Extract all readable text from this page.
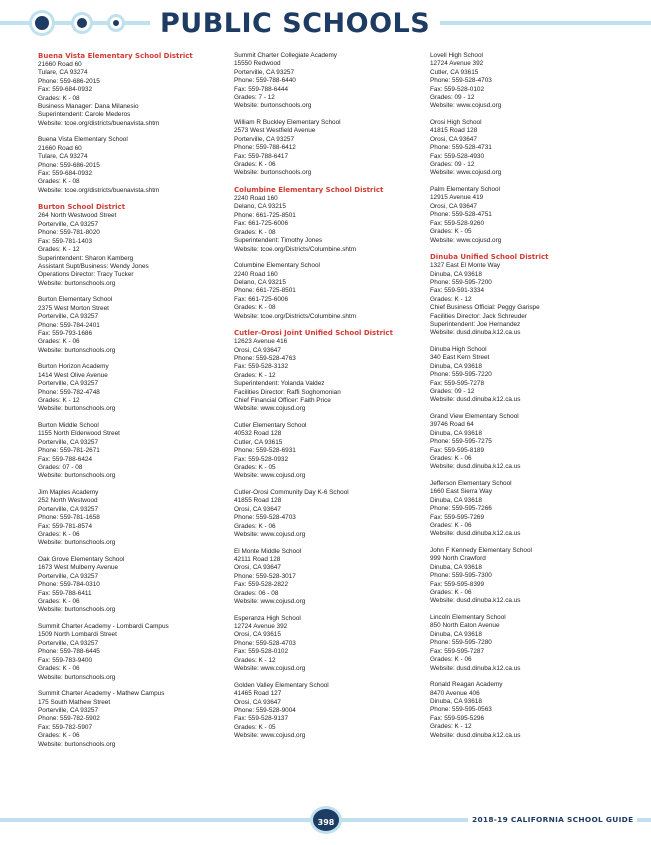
PUBLIC SCHOOLS
Buena Vista Elementary School District
21660 Road 60
Tulare, CA 93274
Phone: 559-686-2015
Fax: 559-684-0932
Grades: K - 08
Business Manager: Dana Milanesio
Superintendent: Carole Mederos
Website: tcoe.org/districts/buenavista.shtm
Buena Vista Elementary School
21660 Road 60
Tulare, CA 93274
Phone: 559-686-2015
Fax: 559-684-0932
Grades: K - 08
Website: tcoe.org/districts/buenavista.shtm
Burton School District
264 North Westwood Street
Porterville, CA 93257
Phone: 559-781-8020
Fax: 559-781-1403
Grades: K - 12
Superintendent: Sharon Kamberg
Assistant Supt/Business: Wendy Jones
Operations Director: Tracy Tucker
Website: burtonschools.org
Burton Elementary School
2375 West Morton Street
Porterville, CA 93257
Phone: 559-784-2401
Fax: 559-793-1686
Grades: K - 06
Website: burtonschools.org
Burton Horizon Academy
1414 West Olive Avenue
Porterville, CA 93257
Phone: 559-782-4748
Grades: K - 12
Website: burtonschools.org
Burton Middle School
1155 North Elderwood Street
Porterville, CA 93257
Phone: 559-781-2671
Fax: 559-788-6424
Grades: 07 - 08
Website: burtonschools.org
Jim Maples Academy
252 North Westwood
Porterville, CA 93257
Phone: 559-781-1658
Fax: 559-781-8574
Grades: K - 06
Website: burtonschools.org
Oak Grove Elementary School
1673 West Mulberry Avenue
Porterville, CA 93257
Phone: 559-784-0310
Fax: 559-788-6411
Grades: K - 06
Website: burtonschools.org
Summit Charter Academy - Lombardi Campus
1509 North Lombardi Street
Porterville, CA 93257
Phone: 559-788-6445
Fax: 559-783-9400
Grades: K - 06
Website: burtonschools.org
Summit Charter Academy - Mathew Campus
175 South Mathew Street
Porterville, CA 93257
Phone: 559-782-5902
Fax: 559-782-5907
Grades: K - 06
Website: burtonschools.org
Summit Charter Collegiate Academy
15550 Redwood
Porterville, CA 93257
Phone: 559-788-6440
Fax: 559-788-6444
Grades: 7 - 12
Website: burtonschools.org
William R Buckley Elementary School
2573 West Westfield Avenue
Porterville, CA 93257
Phone: 559-788-6412
Fax: 559-788-6417
Grades: K - 06
Website: burtonschools.org
Columbine Elementary School District
2240 Road 160
Delano, CA 93215
Phone: 661-725-8501
Fax: 661-725-6006
Grades: K - 08
Superintendent: Timothy Jones
Website: tcoe.org/Districts/Columbine.shtm
Columbine Elementary School
2240 Road 160
Delano, CA 93215
Phone: 661-725-8501
Fax: 661-725-6006
Grades: K - 08
Website: tcoe.org/Districts/Columbine.shtm
Cutler-Orosi Joint Unified School District
12623 Avenue 416
Orosi, CA 93647
Phone: 559-528-4763
Fax: 559-528-3132
Grades: K - 12
Superintendent: Yolanda Valdez
Facilities Director: Raffi Soghomonian
Chief Financial Officer: Faith Price
Website: www.cojusd.org
Cutler Elementary School
40532 Road 128
Cutler, CA 93615
Phone: 559-528-6931
Fax: 559-528-0932
Grades: K - 05
Website: www.cojusd.org
Cutler-Orosi Community Day K-6 School
41855 Road 128
Orosi, CA 93647
Phone: 559-528-4703
Grades: K - 06
Website: www.cojusd.org
El Monte Middle School
42111 Road 128
Orosi, CA 93647
Phone: 559-528-3017
Fax: 559-528-2822
Grades: 06 - 08
Website: www.cojusd.org
Esperanza High School
12724 Avenue 392
Orosi, CA 93615
Phone: 559-528-4703
Fax: 559-528-0102
Grades: K - 12
Website: www.cojusd.org
Golden Valley Elementary School
41465 Road 127
Orosi, CA 93647
Phone: 559-528-9004
Fax: 559-528-9137
Grades: K - 05
Website: www.cojusd.org
Lovell High School
12724 Avenue 392
Cutler, CA 93615
Phone: 559-528-4703
Fax: 559-528-0102
Grades: 09 - 12
Website: www.cojusd.org
Orosi High School
41815 Road 128
Orosi, CA 93647
Phone: 559-528-4731
Fax: 559-528-4930
Grades: 09 - 12
Website: www.cojusd.org
Palm Elementary School
12915 Avenue 419
Orosi, CA 93647
Phone: 559-528-4751
Fax: 559-528-9260
Grades: K - 05
Website: www.cojusd.org
Dinuba Unified School District
1327 East El Monte Way
Dinuba, CA 93618
Phone: 559-595-7200
Fax: 559-591-3334
Grades: K - 12
Chief Business Official: Peggy Garispe
Facilities Director: Jack Schreuder
Superintendent: Joe Hernandez
Website: dusd.dinuba.k12.ca.us
Dinuba High School
340 East Kern Street
Dinuba, CA 93618
Phone: 559-595-7220
Fax: 559-595-7278
Grades: 09 - 12
Website: dusd.dinuba.k12.ca.us
Grand View Elementary School
39746 Road 64
Dinuba, CA 93618
Phone: 559-595-7275
Fax: 559-595-8189
Grades: K - 06
Website: dusd.dinuba.k12.ca.us
Jefferson Elementary School
1660 East Sierra Way
Dinuba, CA 93618
Phone: 559-595-7266
Fax: 559-595-7269
Grades: K - 06
Website: dusd.dinuba.k12.ca.us
John F Kennedy Elementary School
999 North Crawford
Dinuba, CA 93618
Phone: 559-595-7300
Fax: 559-595-8399
Grades: K - 06
Website: dusd.dinuba.k12.ca.us
Lincoln Elementary School
850 North Eaton Avenue
Dinuba, CA 93618
Phone: 559-595-7280
Fax: 559-595-7287
Grades: K - 06
Website: dusd.dinuba.k12.ca.us
Ronald Reagan Academy
8470 Avenue 406
Dinuba, CA 93618
Phone: 559-595-0563
Fax: 559-595-5296
Grades: K - 12
Website: dusd.dinuba.k12.ca.us
398	2018-19 CALIFORNIA SCHOOL GUIDE
